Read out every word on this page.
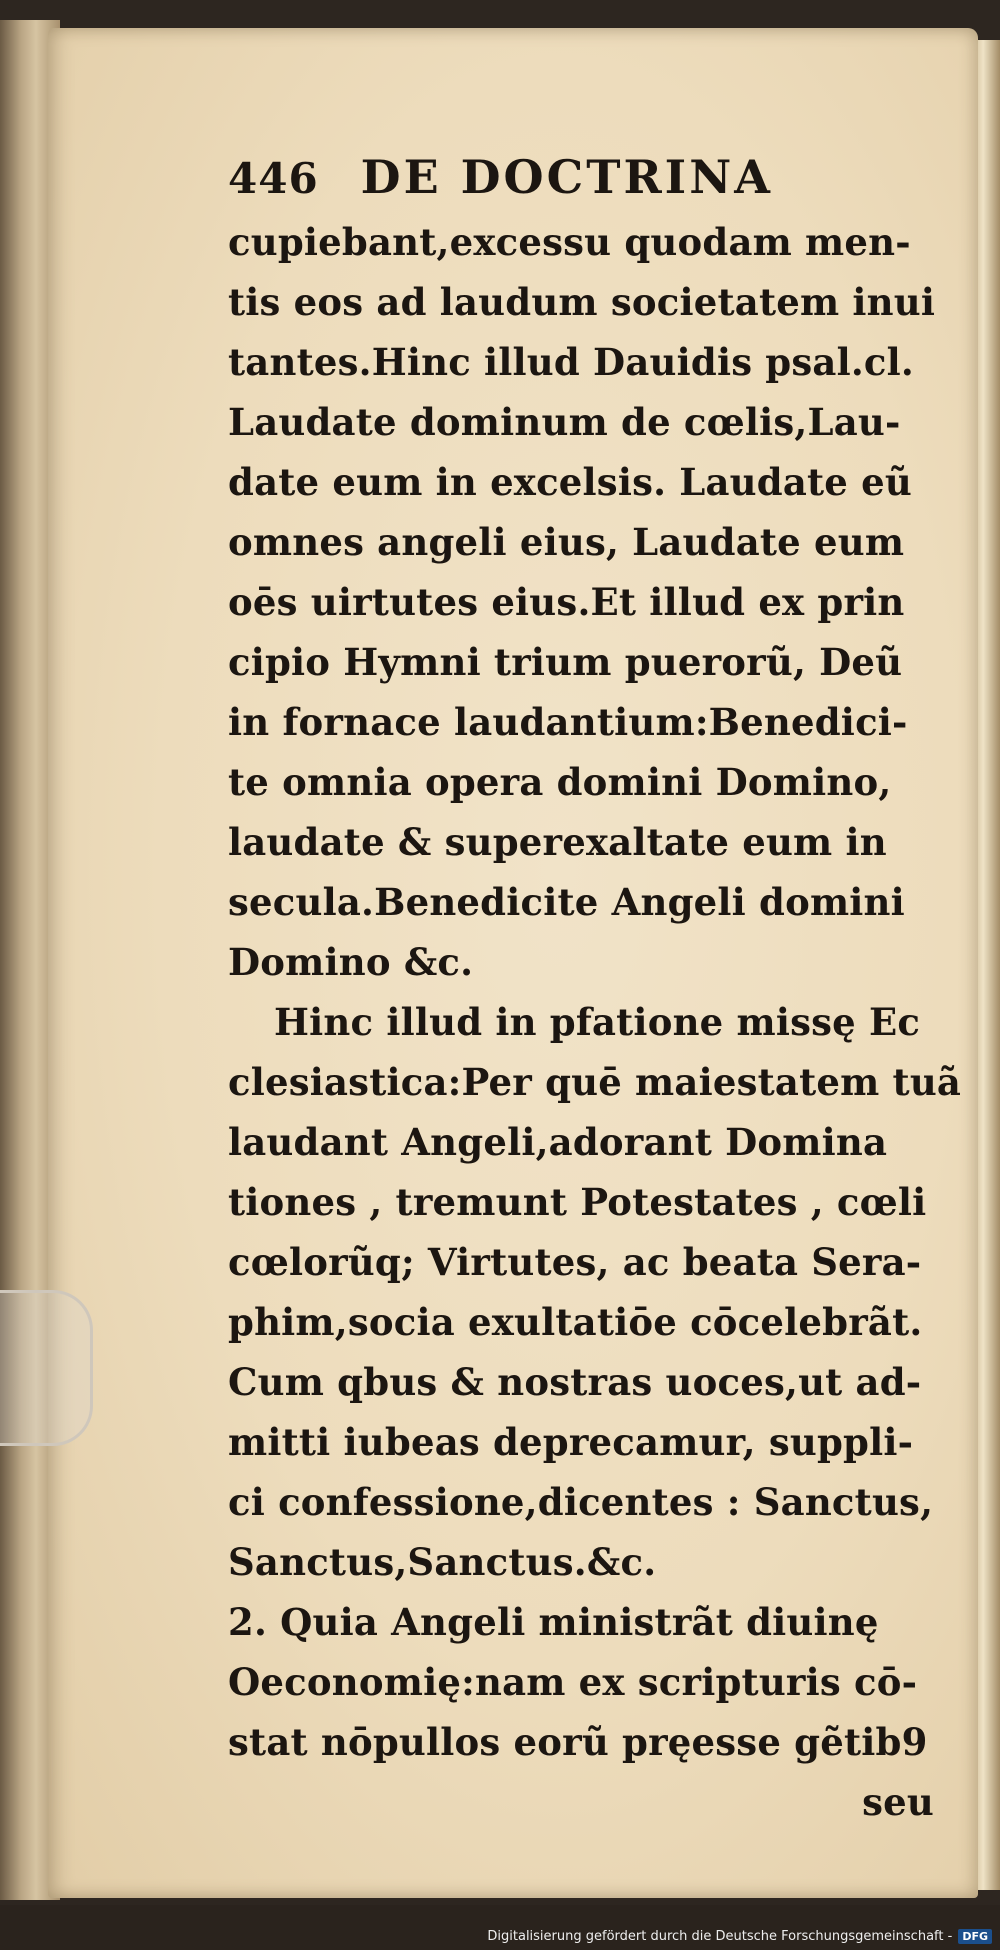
446 DE DOCTRINA
cupiebant,excessu quodam men-
tis eos ad laudum societatem inui
tantes.Hinc illud Dauidis psal.cl.
Laudate dominum de cœlis,Lau-
date eum in excelsis. Laudate eũ
omnes angeli eius, Laudate eum
oēs uirtutes eius.Et illud ex prin
cipio Hymni trium puerorũ, Deũ
in fornace laudantium:Benedici-
te omnia opera domini Domino,
laudate & superexaltate eum in
secula.Benedicite Angeli domini
Domino &c.
Hinc illud in pfatione missę Ec
clesiastica:Per quē maiestatem tuã
laudant Angeli,adorant Domina
tiones , tremunt Potestates , cœli
cœlorũq; Virtutes, ac beata Sera-
phim,socia exultatiōe cōcelebrãt.
Cum qbus & nostras uoces,ut ad-
mitti iubeas deprecamur, suppli-
ci confessione,dicentes : Sanctus,
Sanctus,Sanctus.&c.
2. Quia Angeli ministrãt diuinę
Oeconomię:nam ex scripturis cō-
stat nōpullos eorũ pręesse gẽtib9
seu
Digitalisierung gefördert durch die Deutsche Forschungsgemeinschaft - DFG
